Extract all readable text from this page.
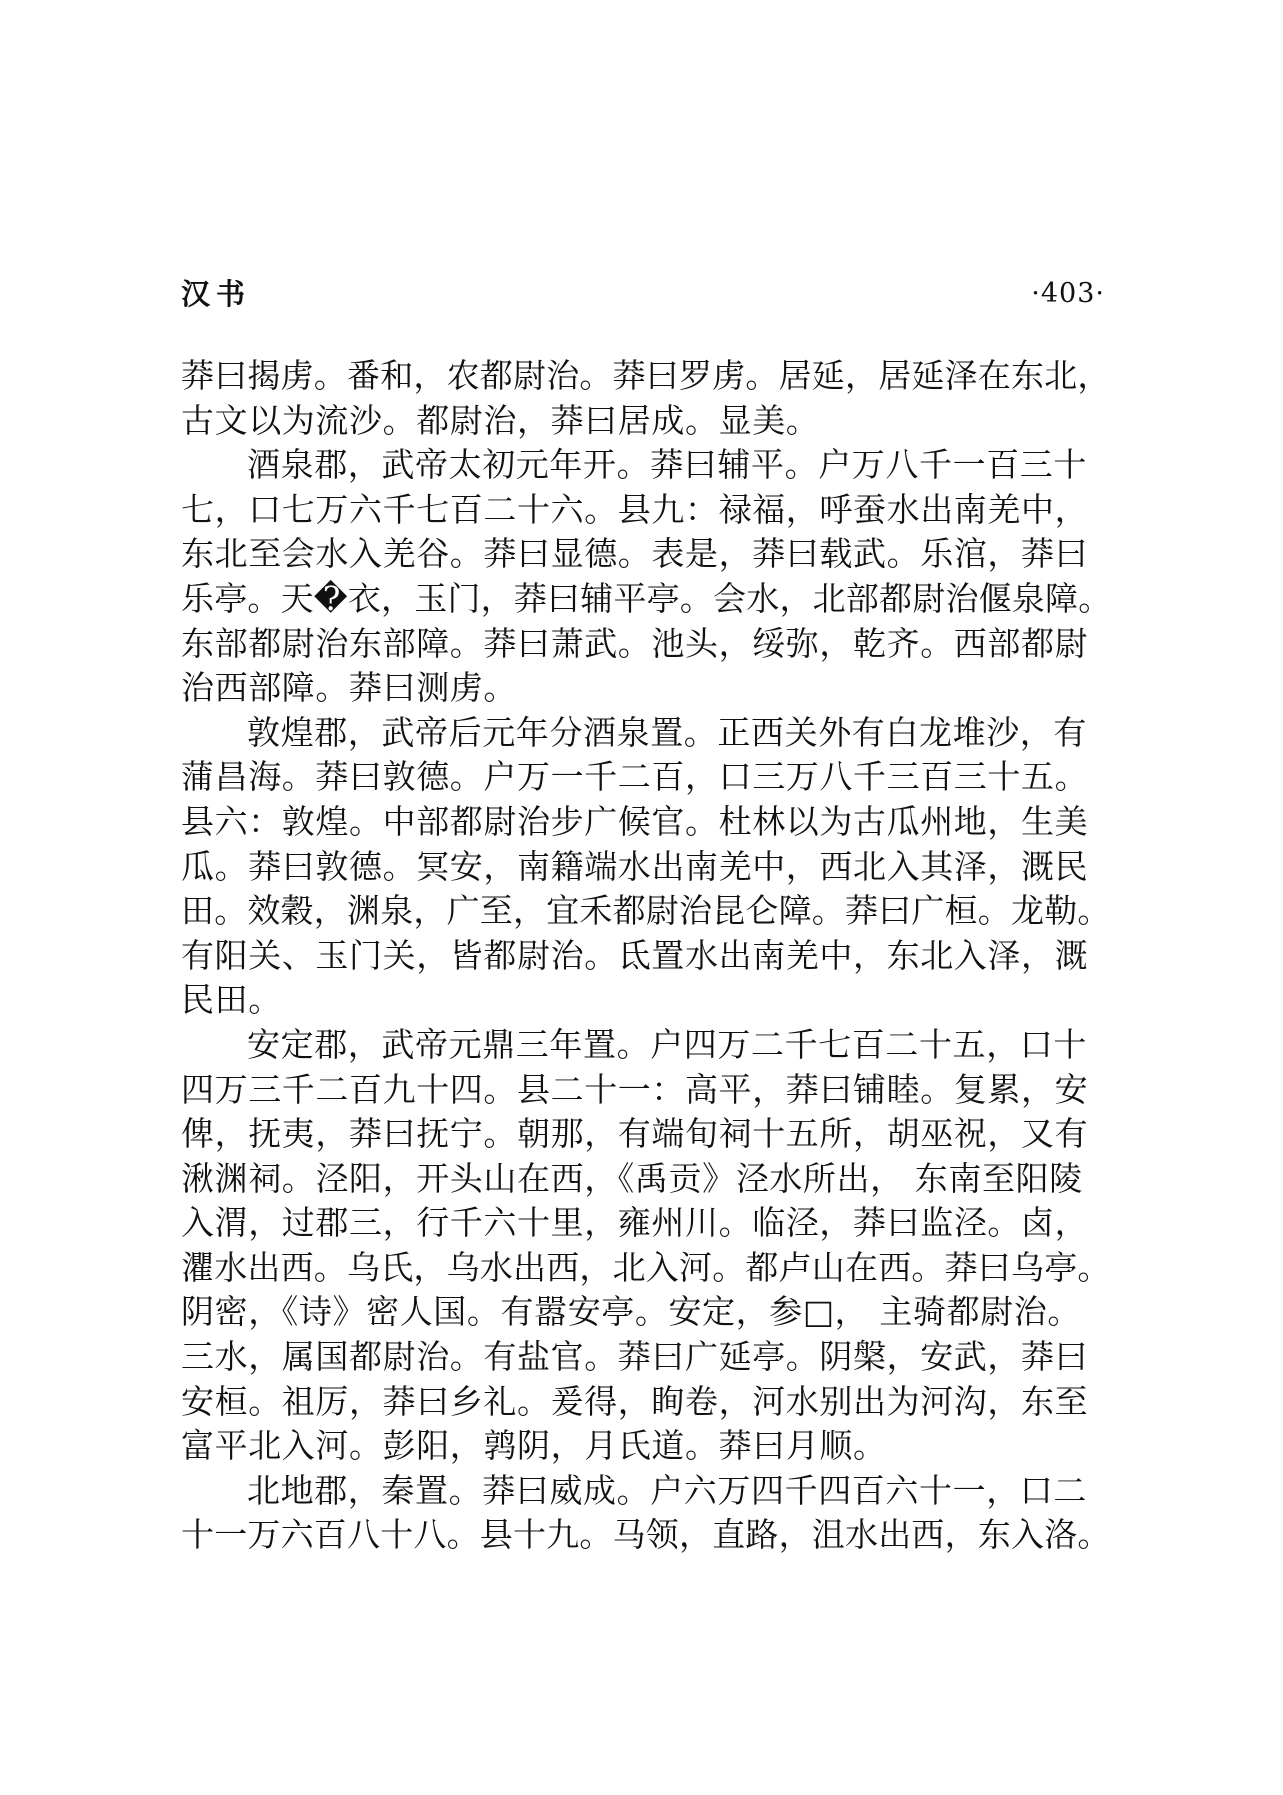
汉书	·403·

莽曰揭虏。番和，农都尉治。莽曰罗虏。居延，居延泽在东北，
古文以为流沙。都尉治，莽曰居成。显美。

酒泉郡，武帝太初元年开。莽曰辅平。户万八千一百三十
七，口七万六千七百二十六。县九：禄福，呼蚕水出南羌中，
东北至会水入羌谷。莽曰显德。表是，莽曰载武。乐涫，莽曰
乐亭。天�衣，玉门，莽曰辅平亭。会水，北部都尉治偃泉障。
东部都尉治东部障。莽曰萧武。池头，绥弥，乾齐。西部都尉
治西部障。莽曰测虏。

敦煌郡，武帝后元年分酒泉置。正西关外有白龙堆沙，有
蒲昌海。莽曰敦德。户万一千二百，口三万八千三百三十五。
县六：敦煌。中部都尉治步广候官。杜林以为古瓜州地，生美
瓜。莽曰敦德。冥安，南籍端水出南羌中，西北入其泽，溉民
田。效穀，渊泉，广至，宜禾都尉治昆仑障。莽曰广桓。龙勒。
有阳关、玉门关，皆都尉治。氐置水出南羌中，东北入泽，溉
民田。

安定郡，武帝元鼎三年置。户四万二千七百二十五，口十
四万三千二百九十四。县二十一：高平，莽曰铺睦。复累，安
俾，抚夷，莽曰抚宁。朝那，有端旬祠十五所，胡巫祝，又有
湫渊祠。泾阳，开头山在西，《禹贡》泾水所出， 东南至阳陵
入渭，过郡三，行千六十里，雍州川。临泾，莽曰监泾。卤，
灈水出西。乌氏，乌水出西，北入河。都卢山在西。莽曰乌亭。
阴密，《诗》密人国。有嚣安亭。安定，参□， 主骑都尉治。
三水，属国都尉治。有盐官。莽曰广延亭。阴槃，安武，莽曰
安桓。祖厉，莽曰乡礼。爰得，眴卷，河水别出为河沟，东至
富平北入河。彭阳，鹑阴，月氏道。莽曰月顺。

北地郡，秦置。莽曰威成。户六万四千四百六十一，口二
十一万六百八十八。县十九。马领，直路，沮水出西，东入洛。
